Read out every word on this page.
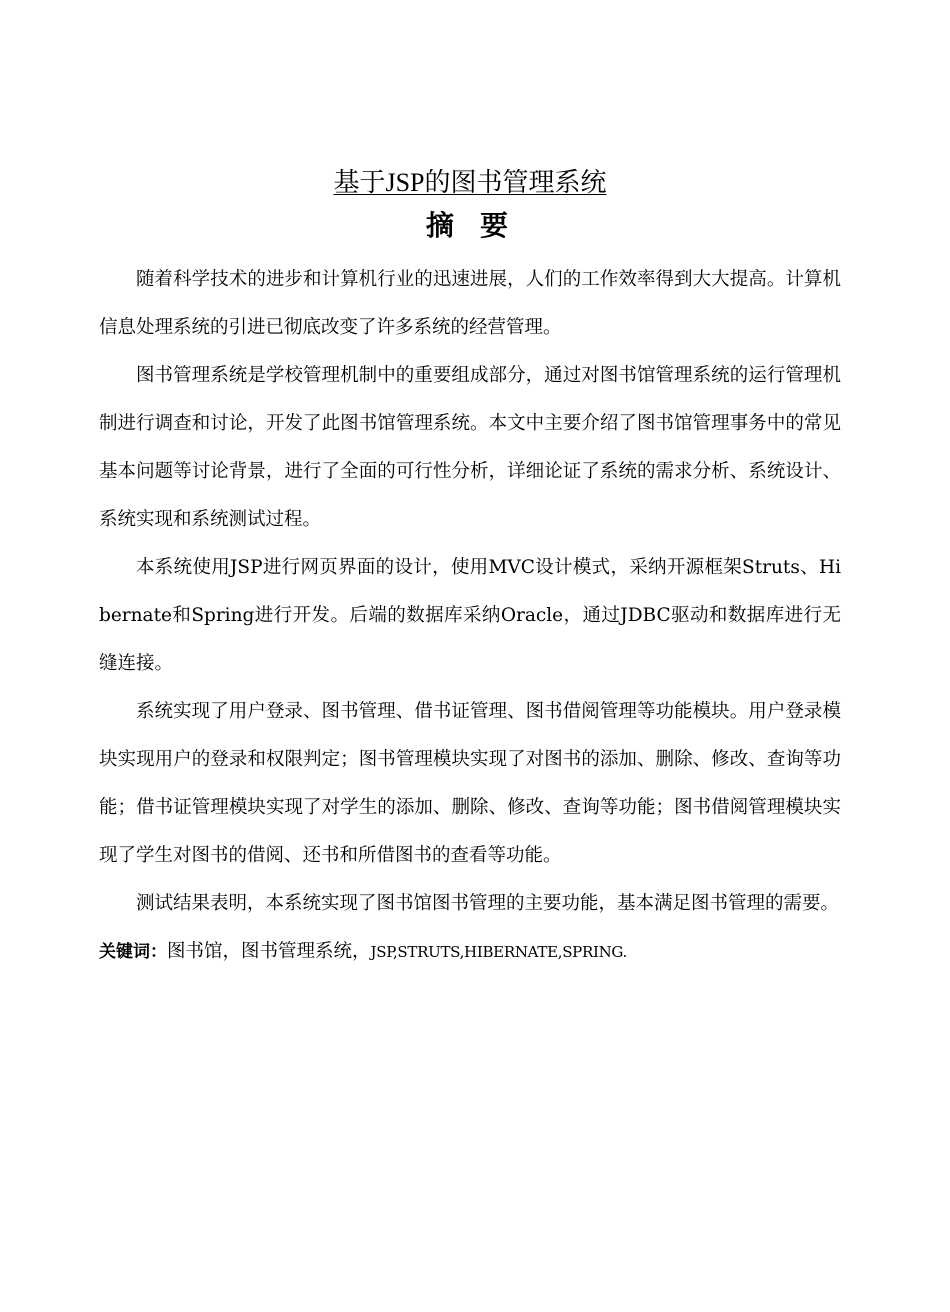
基于JSP的图书管理系统
摘要

随着科学技术的进步和计算机行业的迅速进展，人们的工作效率得到大大提高。计算机信息处理系统的引进已彻底改变了许多系统的经营管理。

图书管理系统是学校管理机制中的重要组成部分，通过对图书馆管理系统的运行管理机制进行调查和讨论，开发了此图书馆管理系统。本文中主要介绍了图书馆管理事务中的常见基本问题等讨论背景，进行了全面的可行性分析，详细论证了系统的需求分析、系统设计、系统实现和系统测试过程。

本系统使用JSP进行网页界面的设计，使用MVC设计模式，采纳开源框架Struts、Hibernate和Spring进行开发。后端的数据库采纳Oracle，通过JDBC驱动和数据库进行无缝连接。

系统实现了用户登录、图书管理、借书证管理、图书借阅管理等功能模块。用户登录模块实现用户的登录和权限判定；图书管理模块实现了对图书的添加、删除、修改、查询等功能；借书证管理模块实现了对学生的添加、删除、修改、查询等功能；图书借阅管理模块实现了学生对图书的借阅、还书和所借图书的查看等功能。

测试结果表明，本系统实现了图书馆图书管理的主要功能，基本满足图书管理的需要。

关键词：图书馆，图书管理系统，JSP,STRUTS,HIBERNATE,SPRING.
